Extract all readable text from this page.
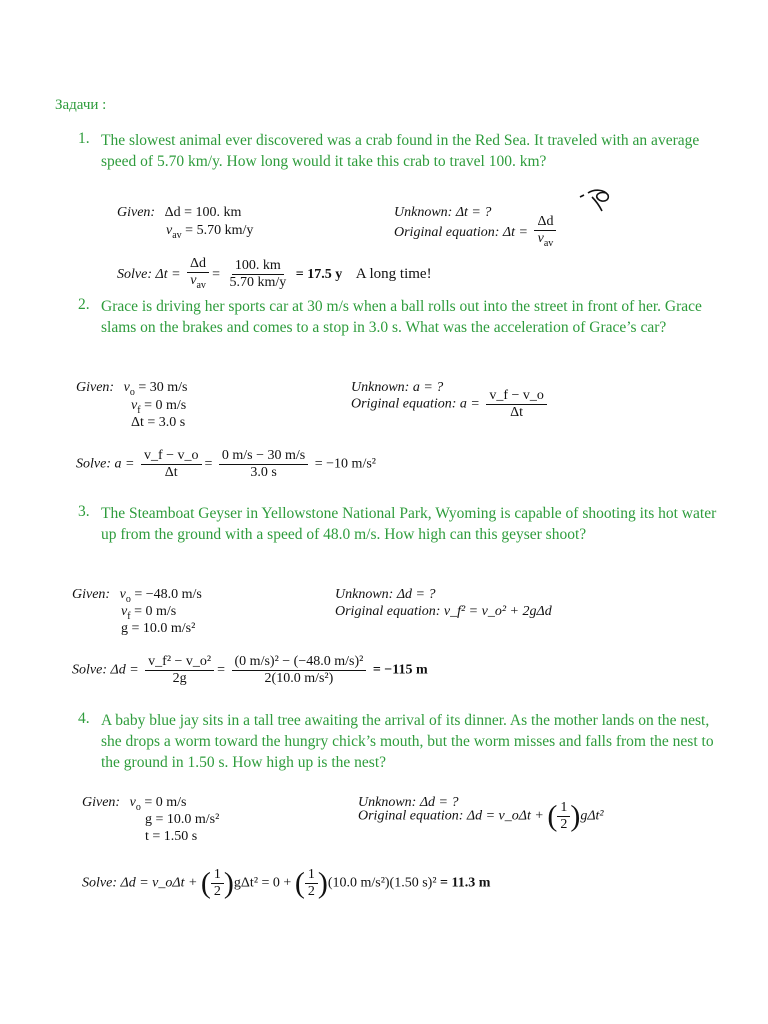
Задачи :
1. The slowest animal ever discovered was a crab found in the Red Sea. It traveled with an average speed of 5.70 km/y. How long would it take this crab to travel 100. km?
Given: Δd = 100. km
$v_{av} = 5.70$ km/y
Unknown: Δt = ?
Original equation: $\Delta t = \frac{\Delta d}{v_{av}}$
Solve: $\Delta t = \frac{\Delta d}{v_{av}} = \frac{100. km}{5.70 km/y} = 17.5$ y A long time!
2. Grace is driving her sports car at 30 m/s when a ball rolls out into the street in front of her. Grace slams on the brakes and comes to a stop in 3.0 s. What was the acceleration of Grace’s car?
Given: $v_o = 30$ m/s
$v_f = 0$ m/s
Δt = 3.0 s
Unknown: a = ?
Original equation: $a = \frac{v\_f - v\_o}{\Delta t}$
Solve: $a = \frac{v\_f - v\_o}{\Delta t} = \frac{0 m/s - 30 m/s}{3.0 s} = -10$ m/s²
3. The Steamboat Geyser in Yellowstone National Park, Wyoming is capable of shooting its hot water up from the ground with a speed of 48.0 m/s. How high can this geyser shoot?
Given: $v_o = -48.0$ m/s
$v_f = 0$ m/s
g = 10.0 m/s²
Unknown: Δd = ?
Original equation: v_f² = v_o² + 2gΔd
Solve: $\Delta d = \frac{\text{v\_f² − v\_o²}}{2g} = \frac{\text{(0 m/s)² − (−48.0 m/s)²}}{\text{2(10.0 m/s²)}} = -115$ m
4. A baby blue jay sits in a tall tree awaiting the arrival of its dinner. As the mother lands on the nest, she drops a worm toward the hungry chick’s mouth, but the worm misses and falls from the nest to the ground in 1.50 s. How high up is the nest?
Given: $v_o = 0$ m/s
g = 10.0 m/s²
t = 1.50 s
Unknown: Δd = ?
Original equation: Δd = v_oΔt + ( $\frac{1}{2} )g\Delta t^2$
Solve: Δd = v_oΔt + ( $\frac{1}{2} )g\Delta t^2 = 0$ + ( $\frac{1}{2} )(10.0$ m/s²)(1.50 s)² = 11.3 m
